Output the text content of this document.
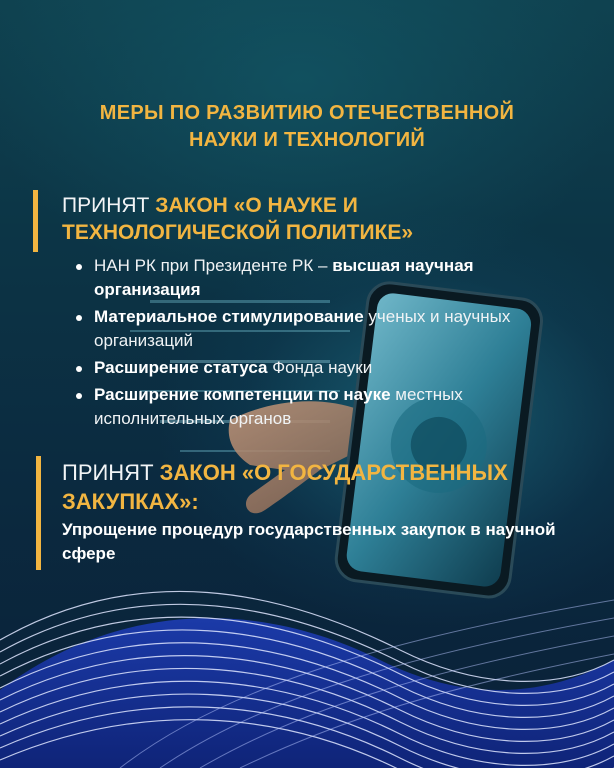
МЕРЫ ПО РАЗВИТИЮ ОТЕЧЕСТВЕННОЙ
НАУКИ И ТЕХНОЛОГИЙ
ПРИНЯТ ЗАКОН «О НАУКЕ И
ТЕХНОЛОГИЧЕСКОЙ ПОЛИТИКЕ»
НАН РК при Президенте РК – высшая научная организация
Материальное стимулирование ученых и научных организаций
Расширение статуса Фонда науки
Расширение компетенции по науке местных исполнительных органов
ПРИНЯТ ЗАКОН «О ГОСУДАРСТВЕННЫХ
ЗАКУПКАХ»:
Упрощение процедур государственных закупок в научной сфере
